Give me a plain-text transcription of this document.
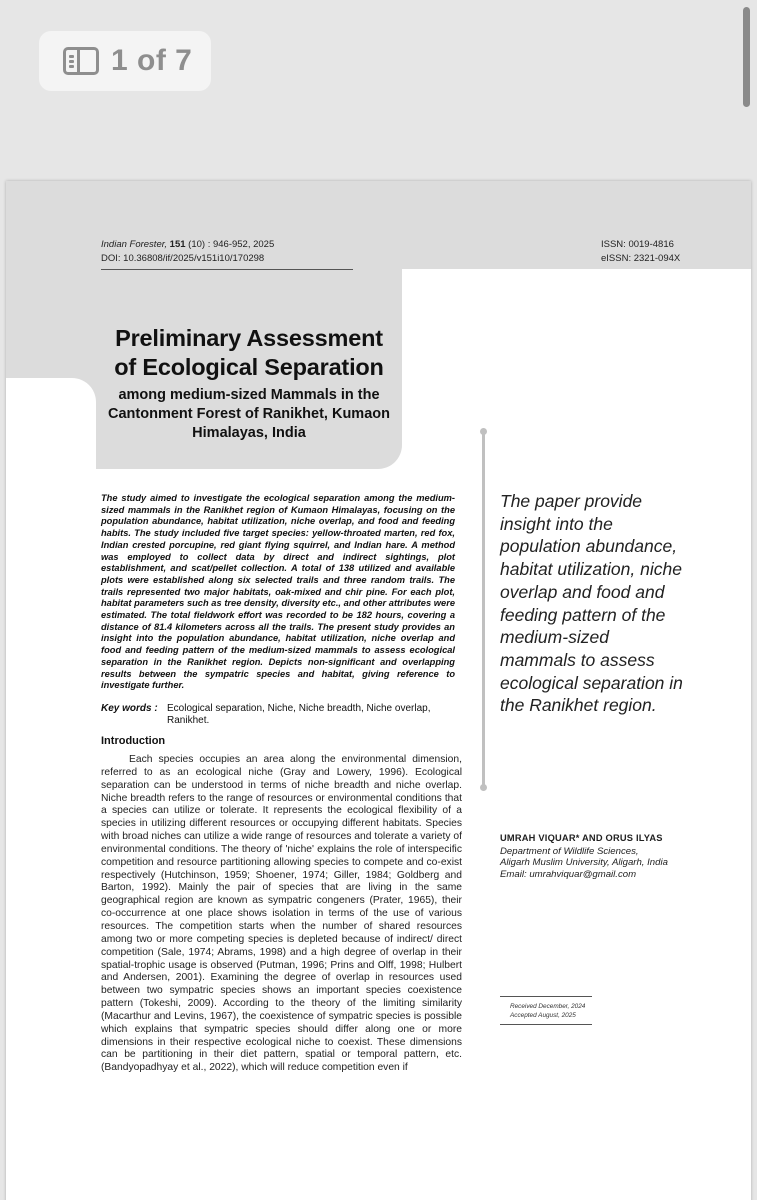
1 of 7
Indian Forester, 151 (10) : 946-952, 2025
DOI: 10.36808/if/2025/v151i10/170298
ISSN: 0019-4816
eISSN: 2321-094X
Preliminary Assessment of Ecological Separation
among medium-sized Mammals in the Cantonment Forest of Ranikhet, Kumaon Himalayas, India
The study aimed to investigate the ecological separation among the medium-sized mammals in the Ranikhet region of Kumaon Himalayas, focusing on the population abundance, habitat utilization, niche overlap, and food and feeding habits. The study included five target species: yellow-throated marten, red fox, Indian crested porcupine, red giant flying squirrel, and Indian hare. A method was employed to collect data by direct and indirect sightings, plot establishment, and scat/pellet collection. A total of 138 utilized and available plots were established along six selected trails and three random trails. The trails represented two major habitats, oak-mixed and chir pine. For each plot, habitat parameters such as tree density, diversity etc., and other attributes were estimated. The total fieldwork effort was recorded to be 182 hours, covering a distance of 81.4 kilometers across all the trails. The present study provides an insight into the population abundance, habitat utilization, niche overlap and food and feeding pattern of the medium-sized mammals to assess ecological separation in the Ranikhet region. Depicts non-significant and overlapping results between the sympatric species and habitat, giving reference to investigate further.
Key words : Ecological separation, Niche, Niche breadth, Niche overlap, Ranikhet.
Introduction
Each species occupies an area along the environmental dimension, referred to as an ecological niche (Gray and Lowery, 1996). Ecological separation can be understood in terms of niche breadth and niche overlap. Niche breadth refers to the range of resources or environmental conditions that a species can utilize or tolerate. It represents the ecological flexibility of a species in utilizing different resources or occupying different habitats. Species with broad niches can utilize a wide range of resources and tolerate a variety of environmental conditions. The theory of 'niche' explains the role of interspecific competition and resource partitioning allowing species to compete and co-exist respectively (Hutchinson, 1959; Shoener, 1974; Giller, 1984; Goldberg and Barton, 1992). Mainly the pair of species that are living in the same geographical region are known as sympatric congeners (Prater, 1965), their co-occurrence at one place shows isolation in terms of the use of various resources. The competition starts when the number of shared resources among two or more competing species is depleted because of indirect/ direct competition (Sale, 1974; Abrams, 1998) and a high degree of overlap in their spatial-trophic usage is observed (Putman, 1996; Prins and Olff, 1998; Hulbert and Andersen, 2001). Examining the degree of overlap in resources used between two sympatric species shows an important species coexistence pattern (Tokeshi, 2009). According to the theory of the limiting similarity (Macarthur and Levins, 1967), the coexistence of sympatric species is possible which explains that sympatric species should differ along one or more dimensions in their respective ecological niche to coexist. These dimensions can be partitioning in their diet pattern, spatial or temporal pattern, etc. (Bandyopadhyay et al., 2022), which will reduce competition even if
The paper provide insight into the population abundance, habitat utilization, niche overlap and food and feeding pattern of the medium-sized mammals to assess ecological separation in the Ranikhet region.
UMRAH VIQUAR* AND ORUS ILYAS
Department of Wildlife Sciences,
Aligarh Muslim University, Aligarh, India
Email: umrahviquar@gmail.com
Received December, 2024
Accepted August, 2025
